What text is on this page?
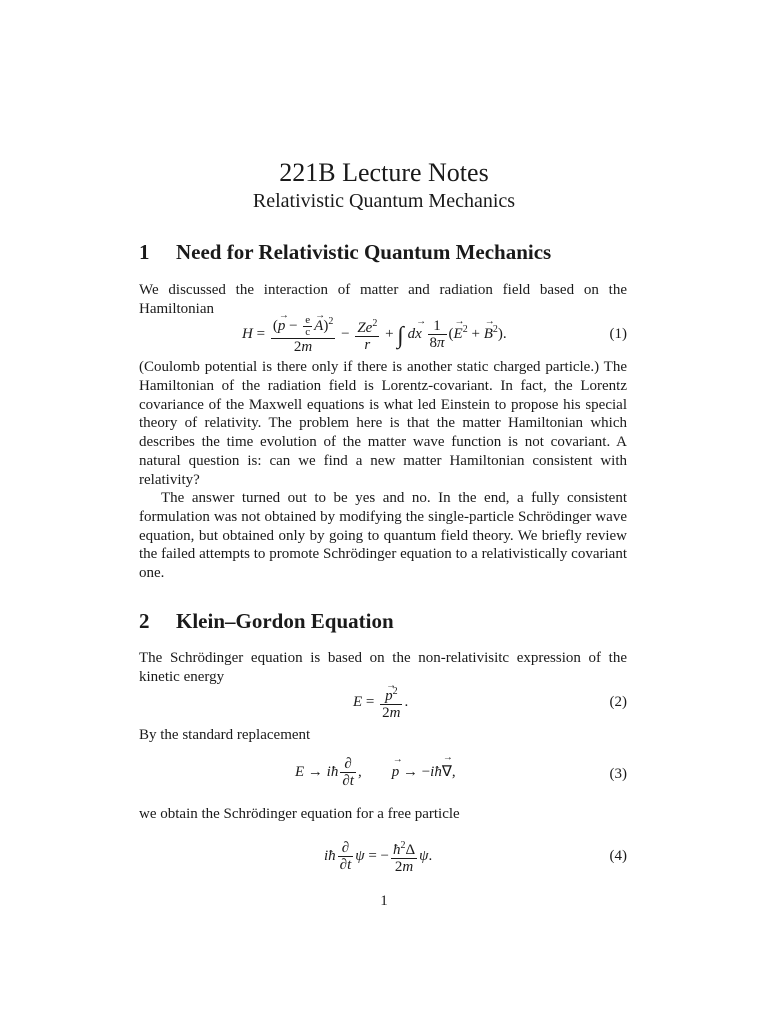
221B Lecture Notes
Relativistic Quantum Mechanics
1 Need for Relativistic Quantum Mechanics
We discussed the interaction of matter and radiation field based on the Hamiltonian
H = (→ $p - \frac{e}{c}$
→ A)$^2$
$2m - \frac{Ze^2}{r}$ + ∫ d→ x $\frac{1}{8\pi}$ (→ $E^2$ + → $B^2$).	(1)
(Coulomb potential is there only if there is another static charged particle.) The Hamiltonian of the radiation field is Lorentz-covariant. In fact, the Lorentz covariance of the Maxwell equations is what led Einstein to propose his special theory of relativity. The problem here is that the matter Hamiltonian which describes the time evolution of the matter wave function is not covariant. A natural question is: can we find a new matter Hamiltonian consistent with relativity?
The answer turned out to be yes and no. In the end, a fully consistent formulation was not obtained by modifying the single-particle Schrödinger wave equation, but obtained only by going to quantum field theory. We briefly review the failed attempts to promote Schrödinger equation to a relativistically covariant one.
2 Klein–Gordon Equation
The Schrödinger equation is based on the non-relativisitc expression of the kinetic energy
E =
→ $\frac{p^2}{2m}$ .	(2)
By the standard replacement
E → iħ $\frac{\partial}{\partial t}$ ,        → p → −iħ→ ∇,	(3)
we obtain the Schrödinger equation for a free particle
iħ $\frac{\partial}{\partial t}$ ψ = − $\frac{ħ^2\Delta}{2m} \psi$.	(4)
1
